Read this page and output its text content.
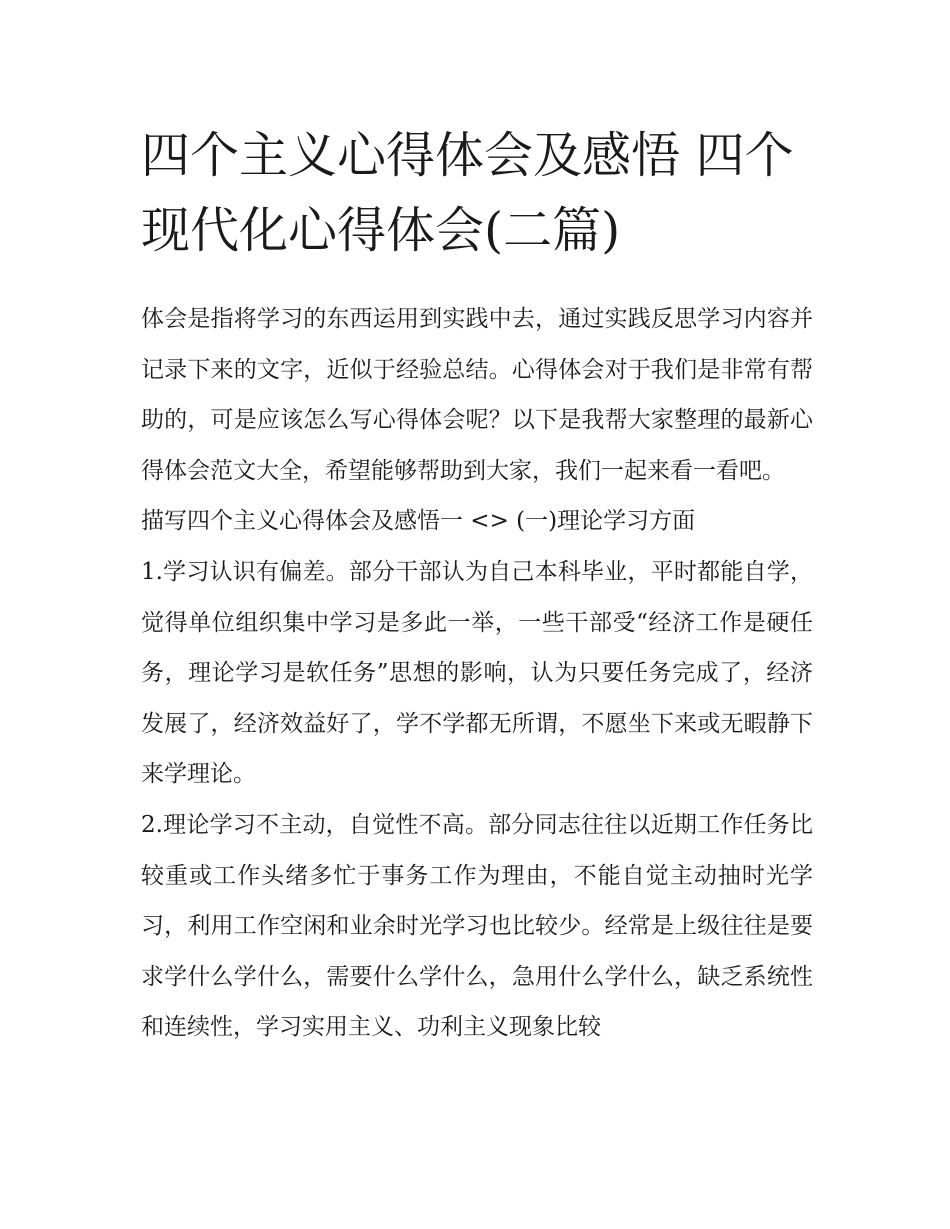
四个主义心得体会及感悟 四个现代化心得体会(二篇)

体会是指将学习的东西运用到实践中去，通过实践反思学习内容并记录下来的文字，近似于经验总结。心得体会对于我们是非常有帮助的，可是应该怎么写心得体会呢？以下是我帮大家整理的最新心得体会范文大全，希望能够帮助到大家，我们一起来看一看吧。

描写四个主义心得体会及感悟一 <> (一)理论学习方面

1.学习认识有偏差。部分干部认为自己本科毕业，平时都能自学，觉得单位组织集中学习是多此一举，一些干部受“经济工作是硬任务，理论学习是软任务”思想的影响，认为只要任务完成了，经济发展了，经济效益好了，学不学都无所谓，不愿坐下来或无暇静下来学理论。

2.理论学习不主动，自觉性不高。部分同志往往以近期工作任务比较重或工作头绪多忙于事务工作为理由，不能自觉主动抽时光学习，利用工作空闲和业余时光学习也比较少。经常是上级往往是要求学什么学什么，需要什么学什么，急用什么学什么，缺乏系统性和连续性，学习实用主义、功利主义现象比较
